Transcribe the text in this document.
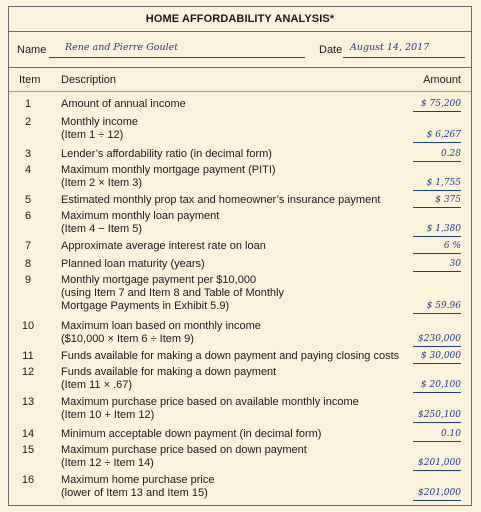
HOME AFFORDABILITY ANALYSIS*
Name Rene and Pierre Goulet	Date August 14, 2017
Item Description	Amount
1	Amount of annual income	$ 75,200
2	Monthly income
(Item 1 ÷ 12)	$ 6,267
3	Lender’s affordability ratio (in decimal form)	0.28
4	Maximum monthly mortgage payment (PITI)
(Item 2 × Item 3)	$ 1,755
5	Estimated monthly prop tax and homeowner’s insurance payment	$ 375
6	Maximum monthly loan payment
(Item 4 − Item 5)	$ 1,380
7	Approximate average interest rate on loan	6 %
8	Planned loan maturity (years)	30
9	Monthly mortgage payment per $10,000
(using Item 7 and Item 8 and Table of Monthly
Mortgage Payments in Exhibit 5.9)	$ 59.96
10	Maximum loan based on monthly income
($10,000 × Item 6 ÷ Item 9)	$230,000
11	Funds available for making a down payment and paying closing costs	$ 30,000
12	Funds available for making a down payment
(Item 11 × .67)	$ 20,100
13	Maximum purchase price based on available monthly income
(Item 10 + Item 12)	$250,100
14	Minimum acceptable down payment (in decimal form)	0.10
15	Maximum purchase price based on down payment
(Item 12 ÷ Item 14)	$201,000
16	Maximum home purchase price
(lower of Item 13 and Item 15)	$201,000
